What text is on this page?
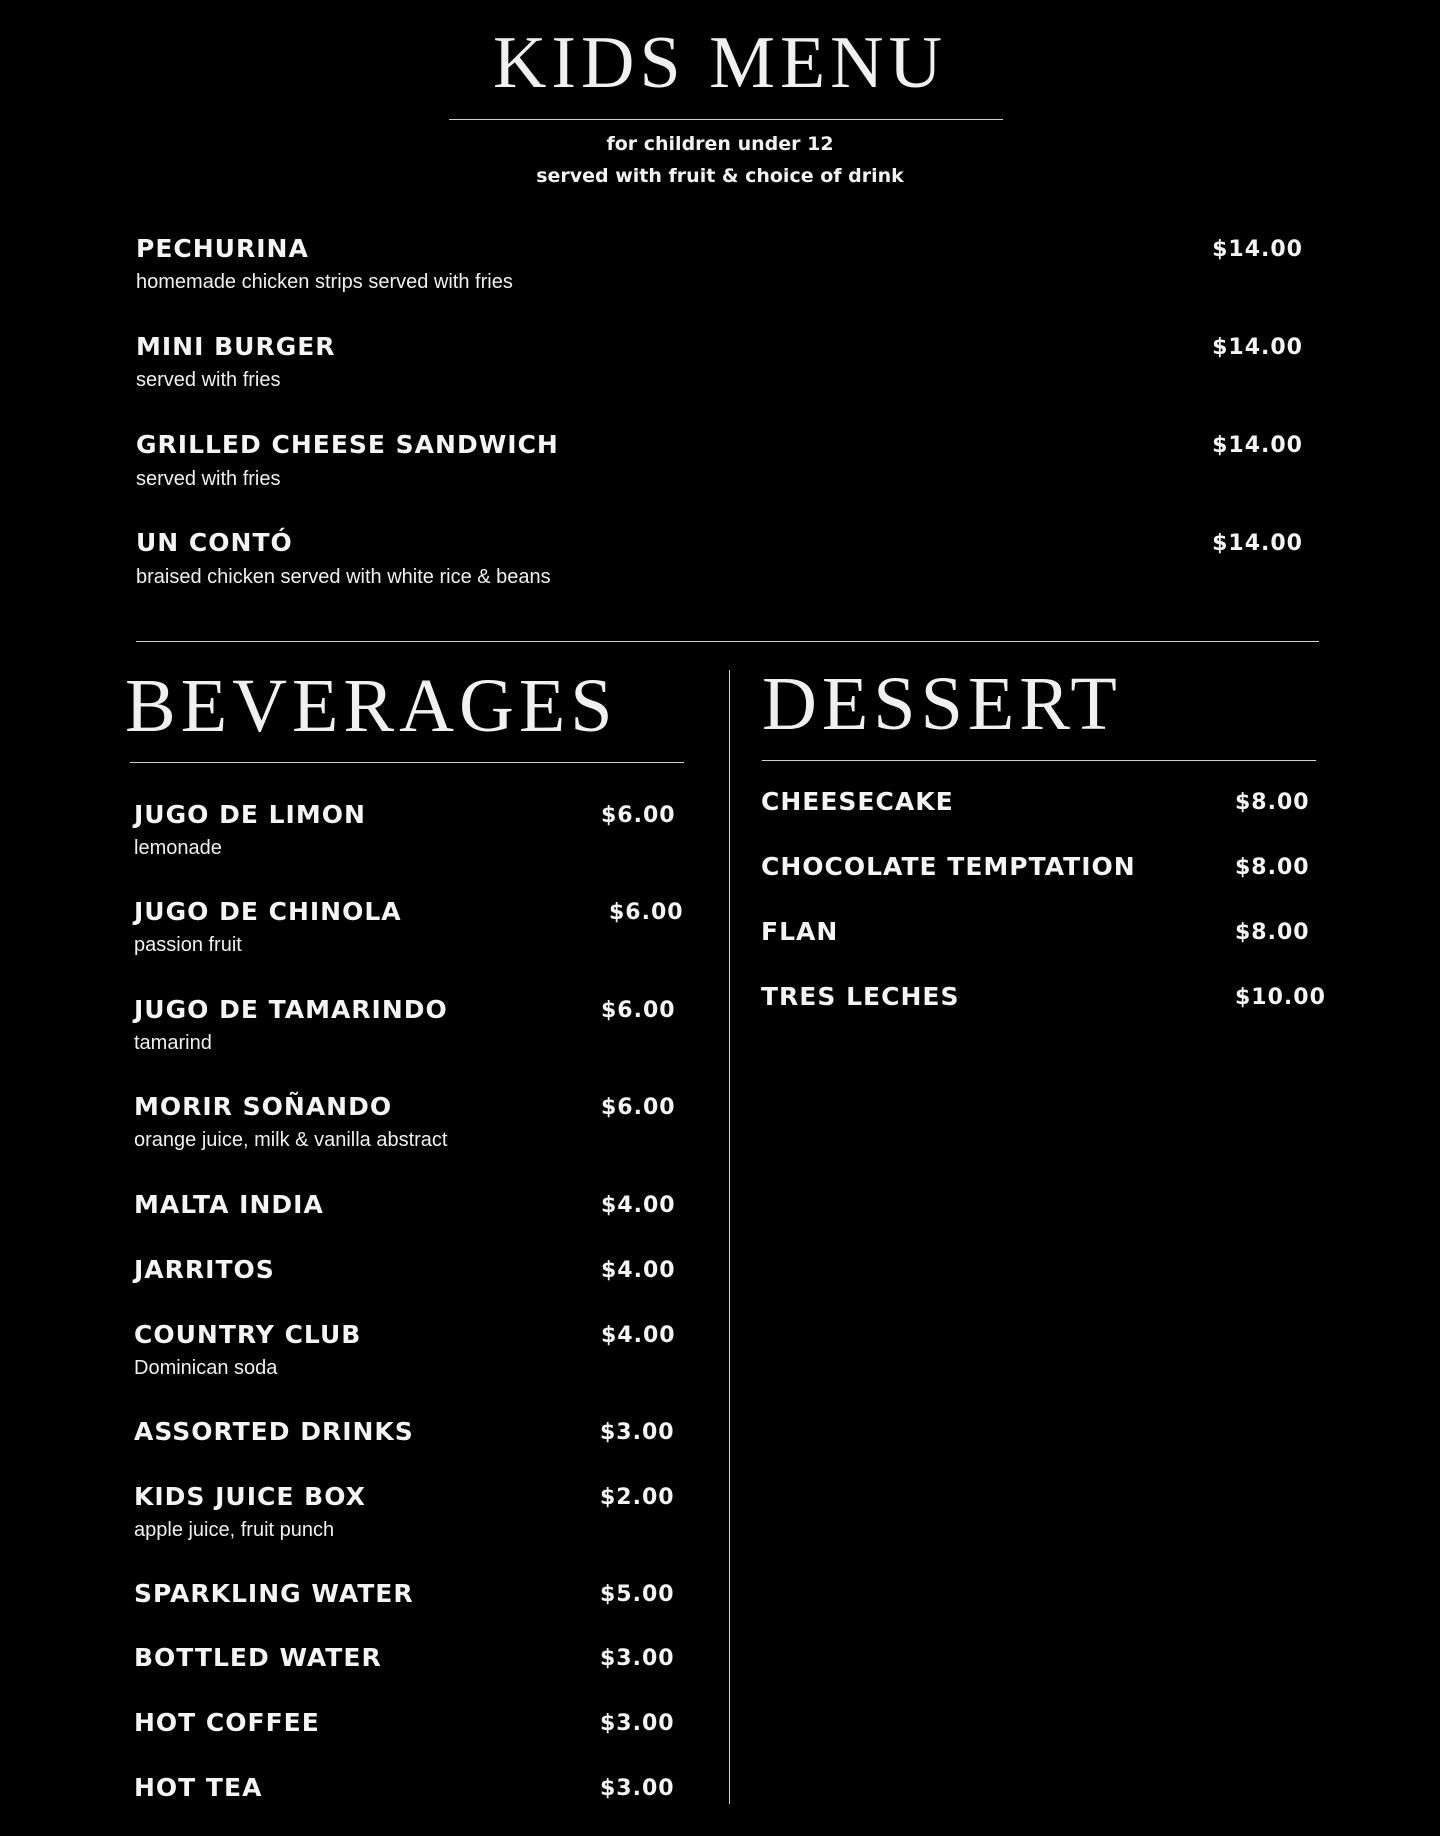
KIDS MENU
for children under 12
served with fruit & choice of drink
PECHURINA
homemade chicken strips served with fries
$14.00
MINI BURGER
served with fries
$14.00
GRILLED CHEESE SANDWICH
served with fries
$14.00
UN CONTÓ
braised chicken served with white rice & beans
$14.00
BEVERAGES
JUGO DE LIMON
lemonade
$6.00
JUGO DE CHINOLA
passion fruit
$6.00
JUGO DE TAMARINDO
tamarind
$6.00
MORIR SOÑANDO
orange juice, milk & vanilla abstract
$6.00
MALTA INDIA	$4.00
JARRITOS	$4.00
COUNTRY CLUB
Dominican soda
$4.00
ASSORTED DRINKS	$3.00
KIDS JUICE BOX
apple juice, fruit punch
$2.00
SPARKLING WATER	$5.00
BOTTLED WATER	$3.00
HOT COFFEE	$3.00
HOT TEA	$3.00
DESSERT
CHEESECAKE	$8.00
CHOCOLATE TEMPTATION	$8.00
FLAN	$8.00
TRES LECHES	$10.00
